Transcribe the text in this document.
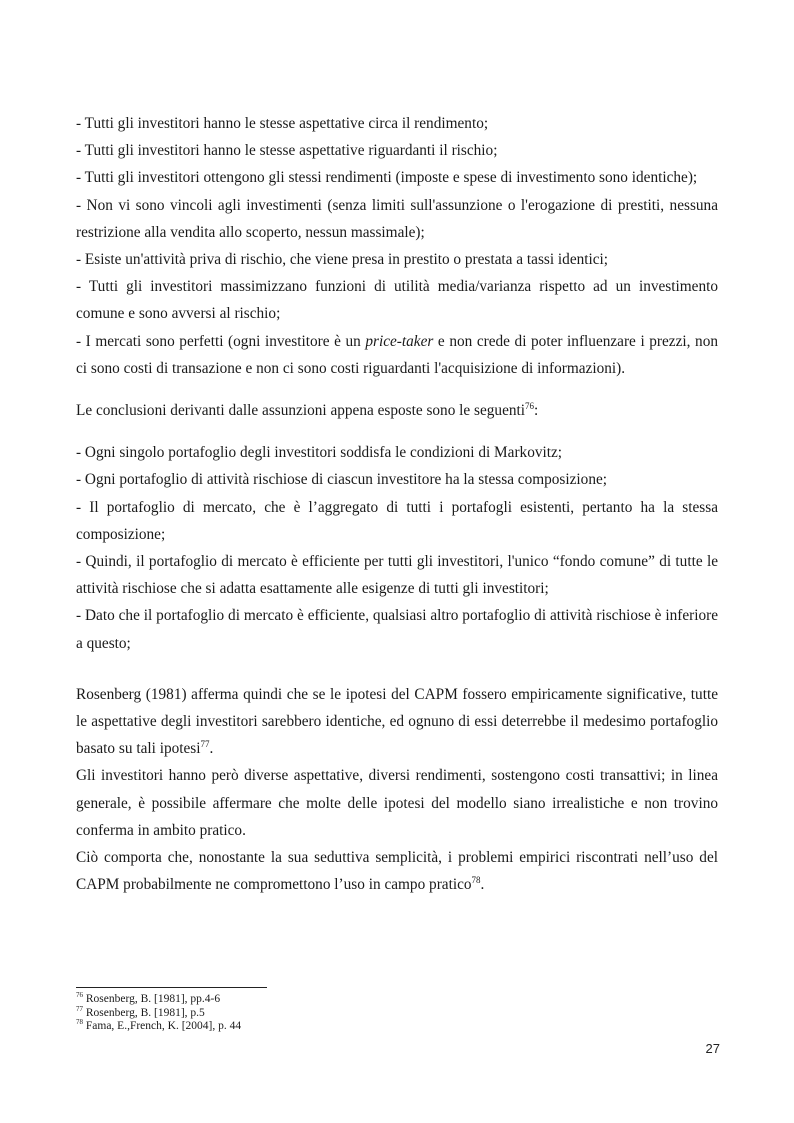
- Tutti gli investitori hanno le stesse aspettative circa il rendimento;
- Tutti gli investitori hanno le stesse aspettative riguardanti il rischio;
- Tutti gli investitori ottengono gli stessi rendimenti (imposte e spese di investimento sono identiche);
- Non vi sono vincoli agli investimenti (senza limiti sull'assunzione o l'erogazione di prestiti, nessuna restrizione alla vendita allo scoperto, nessun massimale);
- Esiste un'attività priva di rischio, che viene presa in prestito o prestata a tassi identici;
- Tutti gli investitori massimizzano funzioni di utilità media/varianza rispetto ad un investimento comune e sono avversi al rischio;
- I mercati sono perfetti (ogni investitore è un price-taker e non crede di poter influenzare i prezzi, non ci sono costi di transazione e non ci sono costi riguardanti l'acquisizione di informazioni).
Le conclusioni derivanti dalle assunzioni appena esposte sono le seguenti$^{76}$:
- Ogni singolo portafoglio degli investitori soddisfa le condizioni di Markovitz;
- Ogni portafoglio di attività rischiose di ciascun investitore ha la stessa composizione;
- Il portafoglio di mercato, che è l’aggregato di tutti i portafogli esistenti, pertanto ha la stessa composizione;
- Quindi, il portafoglio di mercato è efficiente per tutti gli investitori, l'unico “fondo comune” di tutte le attività rischiose che si adatta esattamente alle esigenze di tutti gli investitori;
- Dato che il portafoglio di mercato è efficiente, qualsiasi altro portafoglio di attività rischiose è inferiore a questo;
Rosenberg (1981) afferma quindi che se le ipotesi del CAPM fossero empiricamente significative, tutte le aspettative degli investitori sarebbero identiche, ed ognuno di essi deterrebbe il medesimo portafoglio basato su tali ipotesi$^{77}$.
Gli investitori hanno però diverse aspettative, diversi rendimenti, sostengono costi transattivi; in linea generale, è possibile affermare che molte delle ipotesi del modello siano irrealistiche e non trovino conferma in ambito pratico.
Ciò comporta che, nonostante la sua seduttiva semplicità, i problemi empirici riscontrati nell’uso del CAPM probabilmente ne compromettono l’uso in campo pratico$^{78}$.
$^{76}$ Rosenberg, B. [1981], pp.4-6
$^{77}$ Rosenberg, B. [1981], p.5
$^{78}$ Fama, E.,French, K. [2004], p. 44
27
